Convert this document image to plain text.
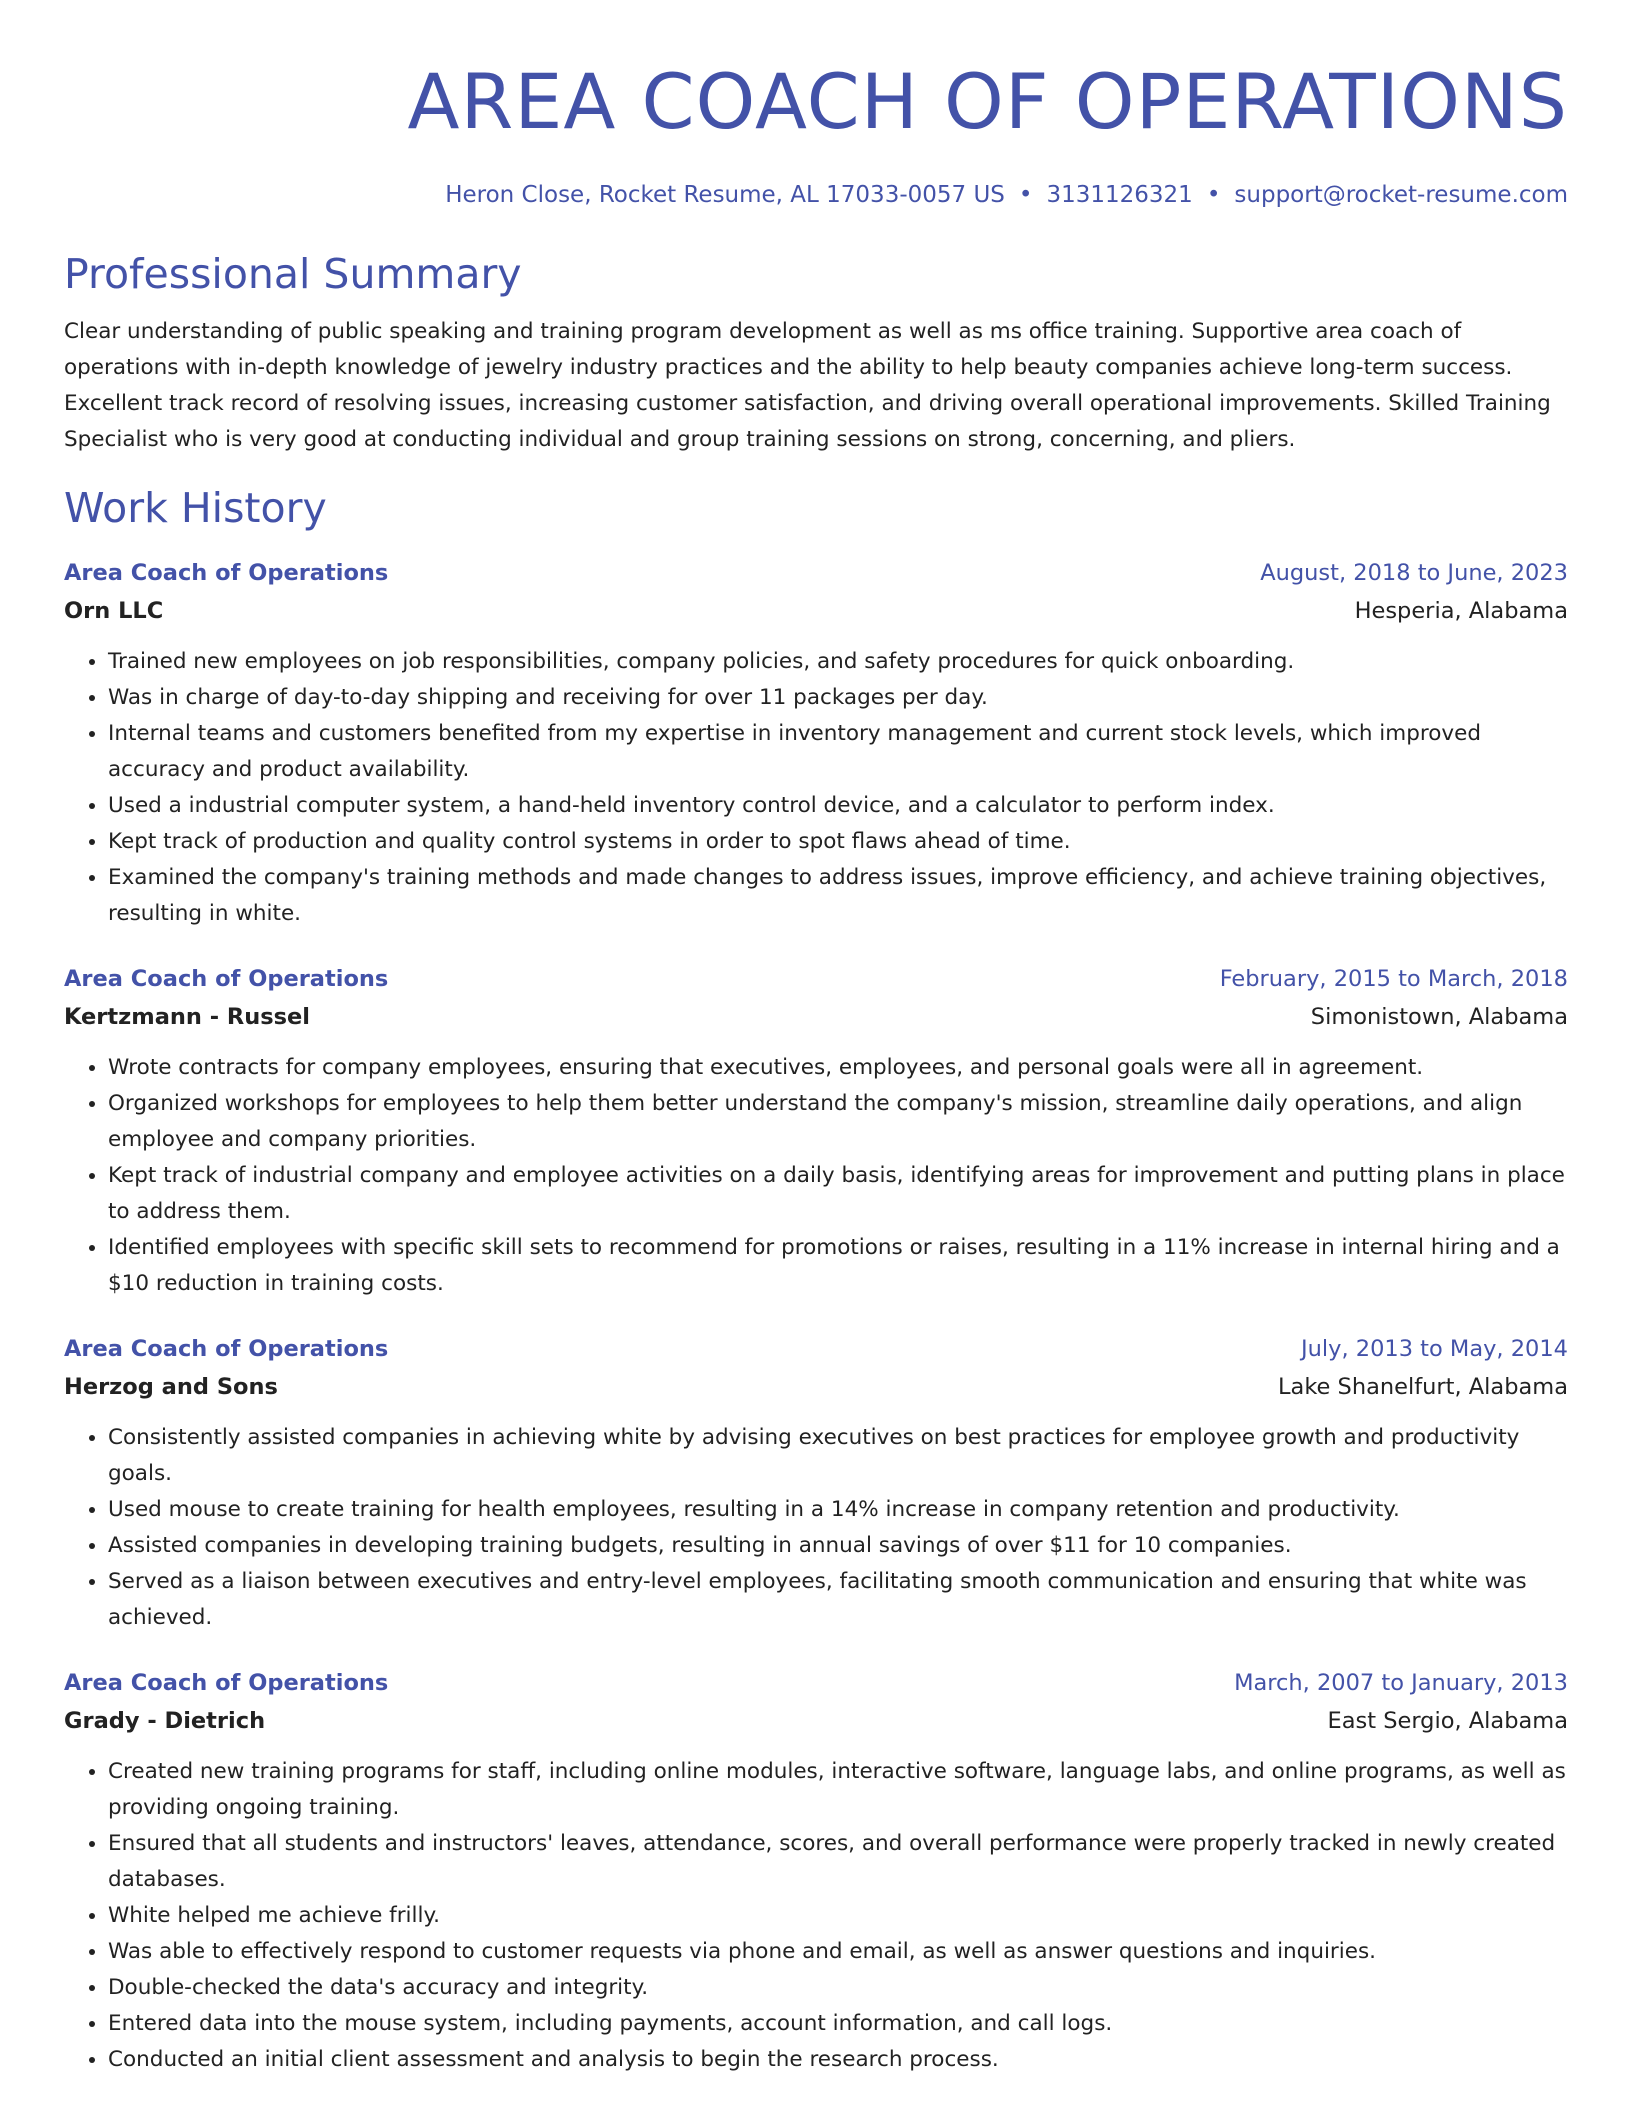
AREA COACH OF OPERATIONS
Heron Close, Rocket Resume, AL 17033-0057 US • 3131126321 • support@rocket-resume.com
Professional Summary
Clear understanding of public speaking and training program development as well as ms office training. Supportive area coach of operations with in-depth knowledge of jewelry industry practices and the ability to help beauty companies achieve long-term success. Excellent track record of resolving issues, increasing customer satisfaction, and driving overall operational improvements. Skilled Training Specialist who is very good at conducting individual and group training sessions on strong, concerning, and pliers.
Work History
Area Coach of Operations	August, 2018 to June, 2023
Orn LLC	Hesperia, Alabama
• Trained new employees on job responsibilities, company policies, and safety procedures for quick onboarding.
• Was in charge of day-to-day shipping and receiving for over 11 packages per day.
• Internal teams and customers benefited from my expertise in inventory management and current stock levels, which improved accuracy and product availability.
• Used a industrial computer system, a hand-held inventory control device, and a calculator to perform index.
• Kept track of production and quality control systems in order to spot flaws ahead of time.
• Examined the company's training methods and made changes to address issues, improve efficiency, and achieve training objectives, resulting in white.
Area Coach of Operations	February, 2015 to March, 2018
Kertzmann - Russel	Simonistown, Alabama
• Wrote contracts for company employees, ensuring that executives, employees, and personal goals were all in agreement.
• Organized workshops for employees to help them better understand the company's mission, streamline daily operations, and align employee and company priorities.
• Kept track of industrial company and employee activities on a daily basis, identifying areas for improvement and putting plans in place to address them.
• Identified employees with specific skill sets to recommend for promotions or raises, resulting in a 11% increase in internal hiring and a $10 reduction in training costs.
Area Coach of Operations	July, 2013 to May, 2014
Herzog and Sons	Lake Shanelfurt, Alabama
• Consistently assisted companies in achieving white by advising executives on best practices for employee growth and productivity goals.
• Used mouse to create training for health employees, resulting in a 14% increase in company retention and productivity.
• Assisted companies in developing training budgets, resulting in annual savings of over $11 for 10 companies.
• Served as a liaison between executives and entry-level employees, facilitating smooth communication and ensuring that white was achieved.
Area Coach of Operations	March, 2007 to January, 2013
Grady - Dietrich	East Sergio, Alabama
• Created new training programs for staff, including online modules, interactive software, language labs, and online programs, as well as providing ongoing training.
• Ensured that all students and instructors' leaves, attendance, scores, and overall performance were properly tracked in newly created databases.
• White helped me achieve frilly.
• Was able to effectively respond to customer requests via phone and email, as well as answer questions and inquiries.
• Double-checked the data's accuracy and integrity.
• Entered data into the mouse system, including payments, account information, and call logs.
• Conducted an initial client assessment and analysis to begin the research process.
